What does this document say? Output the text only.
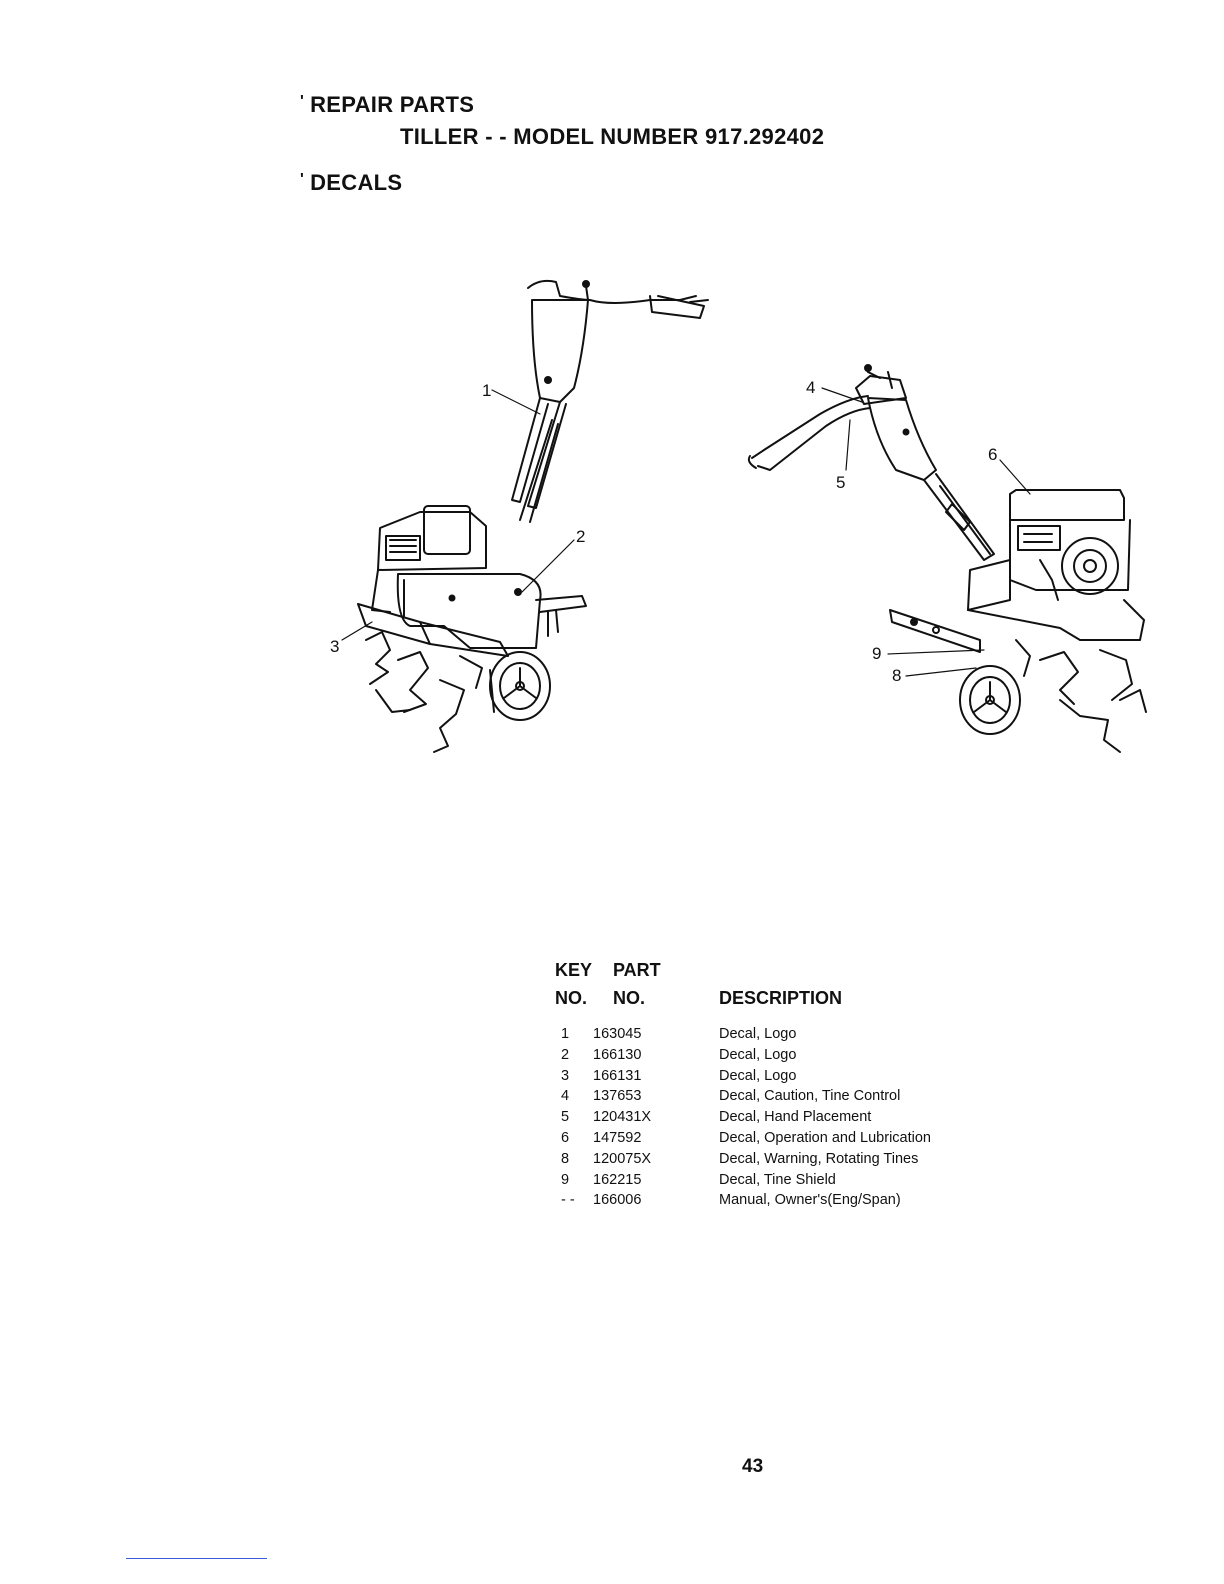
' REPAIR PARTS
TILLER - - MODEL NUMBER 917.292402
' DECALS
1
2
3
4
5
6
9
8
KEY PART
NO. NO.	DESCRIPTION
1	163045	Decal, Logo
2	166130	Decal, Logo
3	166131	Decal, Logo
4	137653	Decal, Caution, Tine Control
5	120431X	Decal, Hand Placement
6	147592	Decal, Operation and Lubrication
8	120075X	Decal, Warning, Rotating Tines
9	162215	Decal, Tine Shield
- -	166006	Manual, Owner's(Eng/Span)
43
